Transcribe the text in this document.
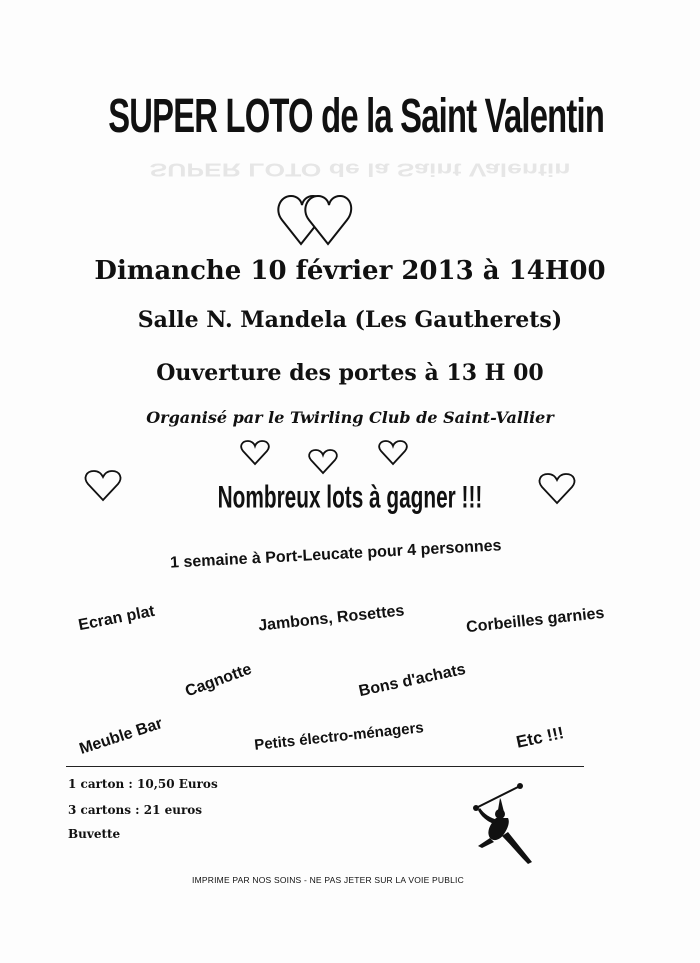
SUPER LOTO de la Saint Valentin
SUPER LOTO de la Saint Valentin
Dimanche 10 février 2013 à 14H00
Salle N. Mandela (Les Gautherets)
Ouverture des portes à 13 H 00
Organisé par le Twirling Club de Saint-Vallier
Nombreux lots à gagner !!!
1 semaine à Port-Leucate pour 4 personnes
Ecran plat	Jambons, Rosettes	Corbeilles garnies
Cagnotte	Bons d'achats
Meuble Bar	Petits électro-ménagers	Etc !!!
1 carton : 10,50 Euros
3 cartons : 21 euros
Buvette
IMPRIME PAR NOS SOINS - NE PAS JETER SUR LA VOIE PUBLIC
